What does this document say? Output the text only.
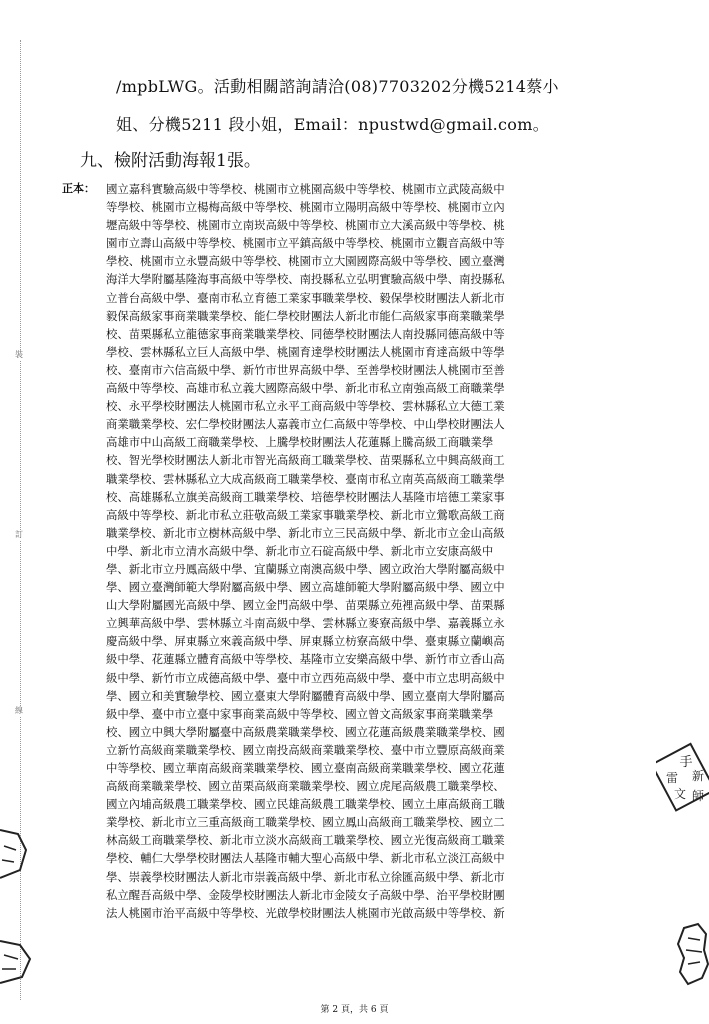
裝
訂
線
/mpbLWG。活動相關諮詢請洽(08)7703202分機5214蔡小
姐、分機5211 段小姐，Email：npustwd@gmail.com。
九、檢附活動海報1張。
正本： 國立嘉科實驗高級中等學校、桃園市立桃園高級中等學校、桃園市立武陵高級中
等學校、桃園市立楊梅高級中等學校、桃園市立陽明高級中等學校、桃園市立內
壢高級中等學校、桃園市立南崁高級中等學校、桃園市立大溪高級中等學校、桃
園市立壽山高級中等學校、桃園市立平鎮高級中等學校、桃園市立觀音高級中等
學校、桃園市立永豐高級中等學校、桃園市立大園國際高級中等學校、國立臺灣
海洋大學附屬基隆海事高級中等學校、南投縣私立弘明實驗高級中學、南投縣私
立普台高級中學、臺南市私立育德工業家事職業學校、毅保學校財團法人新北市
毅保高級家事商業職業學校、能仁學校財團法人新北市能仁高級家事商業職業學
校、苗栗縣私立龍德家事商業職業學校、同德學校財團法人南投縣同德高級中等
學校、雲林縣私立巨人高級中學、桃園育達學校財團法人桃園市育達高級中等學
校、臺南市六信高級中學、新竹市世界高級中學、至善學校財團法人桃園市至善
高級中等學校、高雄市私立義大國際高級中學、新北市私立南強高級工商職業學
校、永平學校財團法人桃園市私立永平工商高級中等學校、雲林縣私立大德工業
商業職業學校、宏仁學校財團法人嘉義市立仁高級中等學校、中山學校財團法人
高雄市中山高級工商職業學校、上騰學校財團法人花蓮縣上騰高級工商職業學
校、智光學校財團法人新北市智光高級商工職業學校、苗栗縣私立中興高級商工
職業學校、雲林縣私立大成高級商工職業學校、臺南市私立南英高級商工職業學
校、高雄縣私立旗美高級商工職業學校、培德學校財團法人基隆市培德工業家事
高級中等學校、新北市私立莊敬高級工業家事職業學校、新北市立鶯歌高級工商
職業學校、新北市立樹林高級中學、新北市立三民高級中學、新北市立金山高級
中學、新北市立清水高級中學、新北市立石碇高級中學、新北市立安康高級中
學、新北市立丹鳳高級中學、宜蘭縣立南澳高級中學、國立政治大學附屬高級中
學、國立臺灣師範大學附屬高級中學、國立高雄師範大學附屬高級中學、國立中
山大學附屬國光高級中學、國立金門高級中學、苗栗縣立苑裡高級中學、苗栗縣
立興華高級中學、雲林縣立斗南高級中學、雲林縣立麥寮高級中學、嘉義縣立永
慶高級中學、屏東縣立來義高級中學、屏東縣立枋寮高級中學、臺東縣立蘭嶼高
級中學、花蓮縣立體育高級中等學校、基隆市立安樂高級中學、新竹市立香山高
級中學、新竹市立成德高級中學、臺中市立西苑高級中學、臺中市立忠明高級中
學、國立和美實驗學校、國立臺東大學附屬體育高級中學、國立臺南大學附屬高
級中學、臺中市立臺中家事商業高級中等學校、國立曾文高級家事商業職業學
校、國立中興大學附屬臺中高級農業職業學校、國立花蓮高級農業職業學校、國
立新竹高級商業職業學校、國立南投高級商業職業學校、臺中市立豐原高級商業
中等學校、國立華南高級商業職業學校、國立臺南高級商業職業學校、國立花蓮
高級商業職業學校、國立苗栗高級商業職業學校、國立虎尾高級農工職業學校、
國立內埔高級農工職業學校、國立民雄高級農工職業學校、國立土庫高級商工職
業學校、新北市立三重高級商工職業學校、國立鳳山高級商工職業學校、國立二
林高級工商職業學校、新北市立淡水高級商工職業學校、國立光復高級商工職業
學校、輔仁大學學校財團法人基隆市輔大聖心高級中學、新北市私立淡江高級中
學、崇義學校財團法人新北市崇義高級中學、新北市私立徐匯高級中學、新北市
私立醒吾高級中學、金陵學校財團法人新北市金陵女子高級中學、治平學校財團
法人桃園市治平高級中等學校、光啟學校財團法人桃園市光啟高級中等學校、新
手
新
雷
文 師
第 2 頁，共 6 頁
